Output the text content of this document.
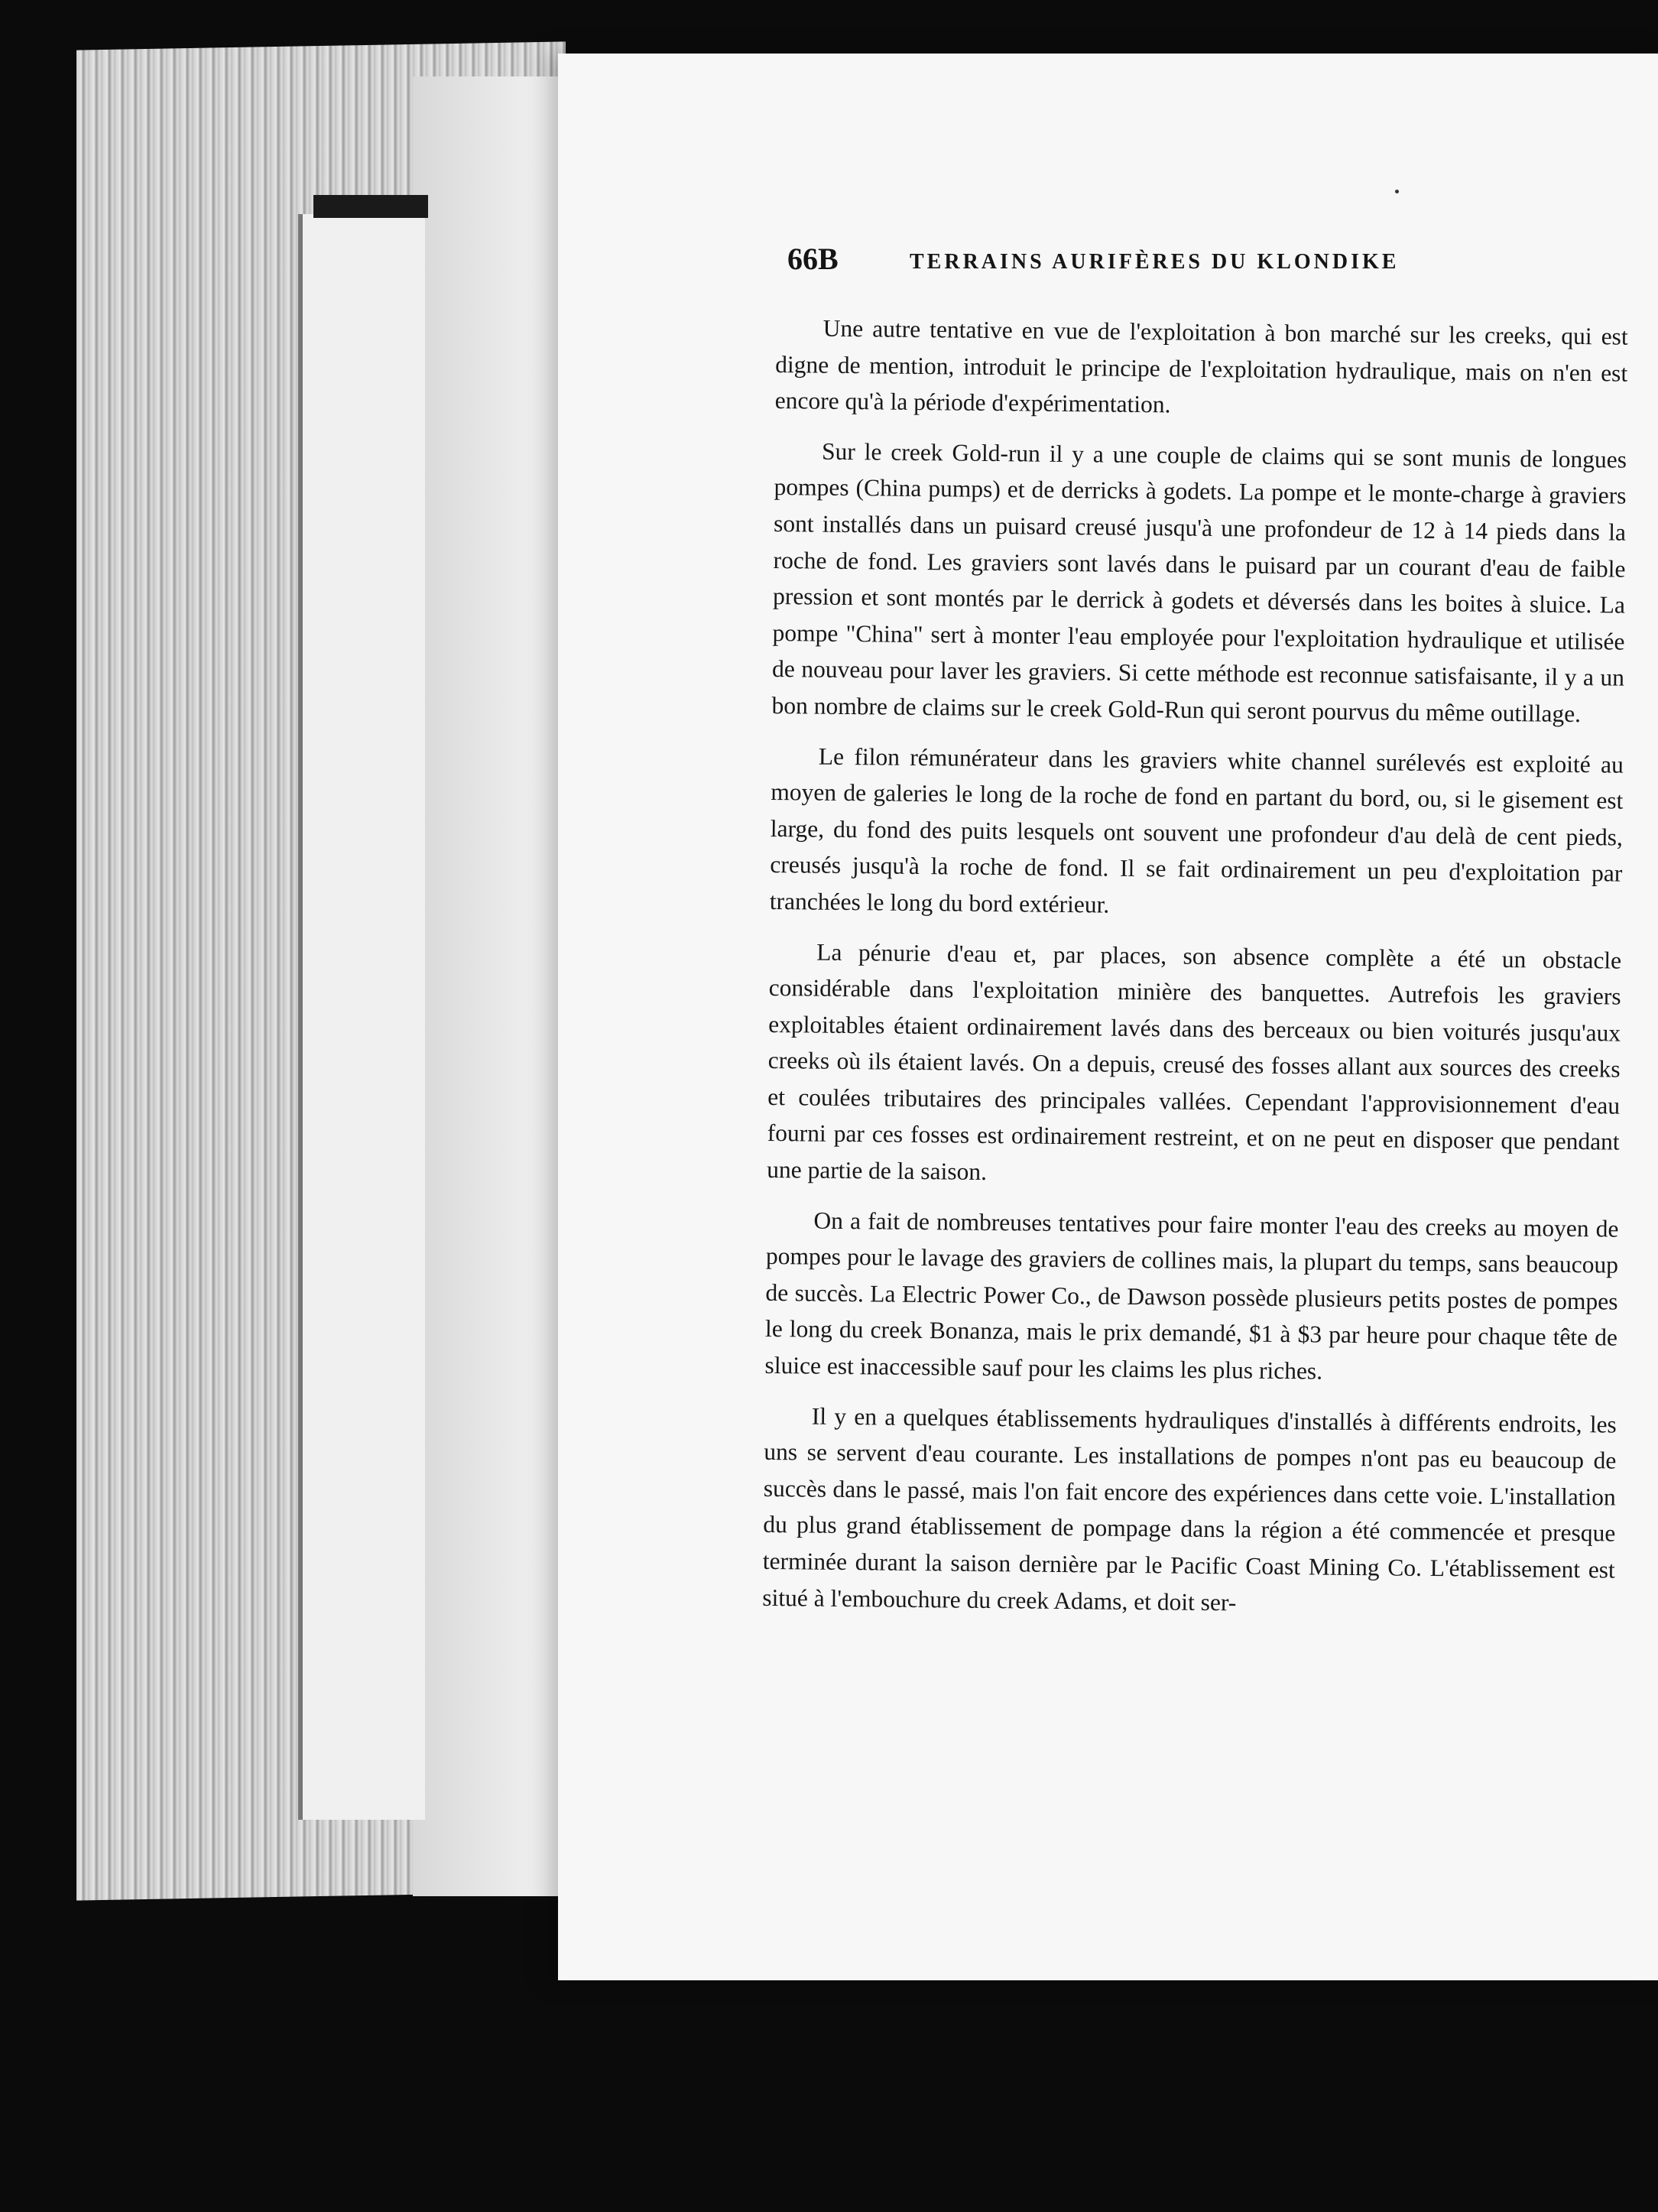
66B	TERRAINS AURIFÈRES DU KLONDIKE

Une autre tentative en vue de l'exploitation à bon marché sur les creeks, qui est digne de mention, introduit le principe de l'exploitation hydraulique, mais on n'en est encore qu'à la période d'expérimentation.

Sur le creek Gold-run il y a une couple de claims qui se sont munis de longues pompes (China pumps) et de derricks à godets. La pompe et le monte-charge à graviers sont installés dans un puisard creusé jusqu'à une profondeur de 12 à 14 pieds dans la roche de fond. Les graviers sont lavés dans le puisard par un courant d'eau de faible pression et sont montés par le derrick à godets et déversés dans les boites à sluice. La pompe "China" sert à monter l'eau employée pour l'exploitation hydraulique et utilisée de nouveau pour laver les graviers. Si cette méthode est reconnue satisfaisante, il y a un bon nombre de claims sur le creek Gold-Run qui seront pourvus du même outillage.

Le filon rémunérateur dans les graviers white channel surélevés est exploité au moyen de galeries le long de la roche de fond en partant du bord, ou, si le gisement est large, du fond des puits lesquels ont souvent une profondeur d'au delà de cent pieds, creusés jusqu'à la roche de fond. Il se fait ordinairement un peu d'exploitation par tranchées le long du bord extérieur.

La pénurie d'eau et, par places, son absence complète a été un obstacle considérable dans l'exploitation minière des banquettes. Autrefois les graviers exploitables étaient ordinairement lavés dans des berceaux ou bien voiturés jusqu'aux creeks où ils étaient lavés. On a depuis, creusé des fosses allant aux sources des creeks et coulées tributaires des principales vallées. Cependant l'approvisionnement d'eau fourni par ces fosses est ordinairement restreint, et on ne peut en disposer que pendant une partie de la saison.

On a fait de nombreuses tentatives pour faire monter l'eau des creeks au moyen de pompes pour le lavage des graviers de collines mais, la plupart du temps, sans beaucoup de succès. La Electric Power Co., de Dawson possède plusieurs petits postes de pompes le long du creek Bonanza, mais le prix demandé, $1 à $3 par heure pour chaque tête de sluice est inaccessible sauf pour les claims les plus riches.

Il y en a quelques établissements hydrauliques d'installés à différents endroits, les uns se servent d'eau courante. Les installations de pompes n'ont pas eu beaucoup de succès dans le passé, mais l'on fait encore des expériences dans cette voie. L'installation du plus grand établissement de pompage dans la région a été commencée et presque terminée durant la saison dernière par le Pacific Coast Mining Co. L'établissement est situé à l'embouchure du creek Adams, et doit ser-
